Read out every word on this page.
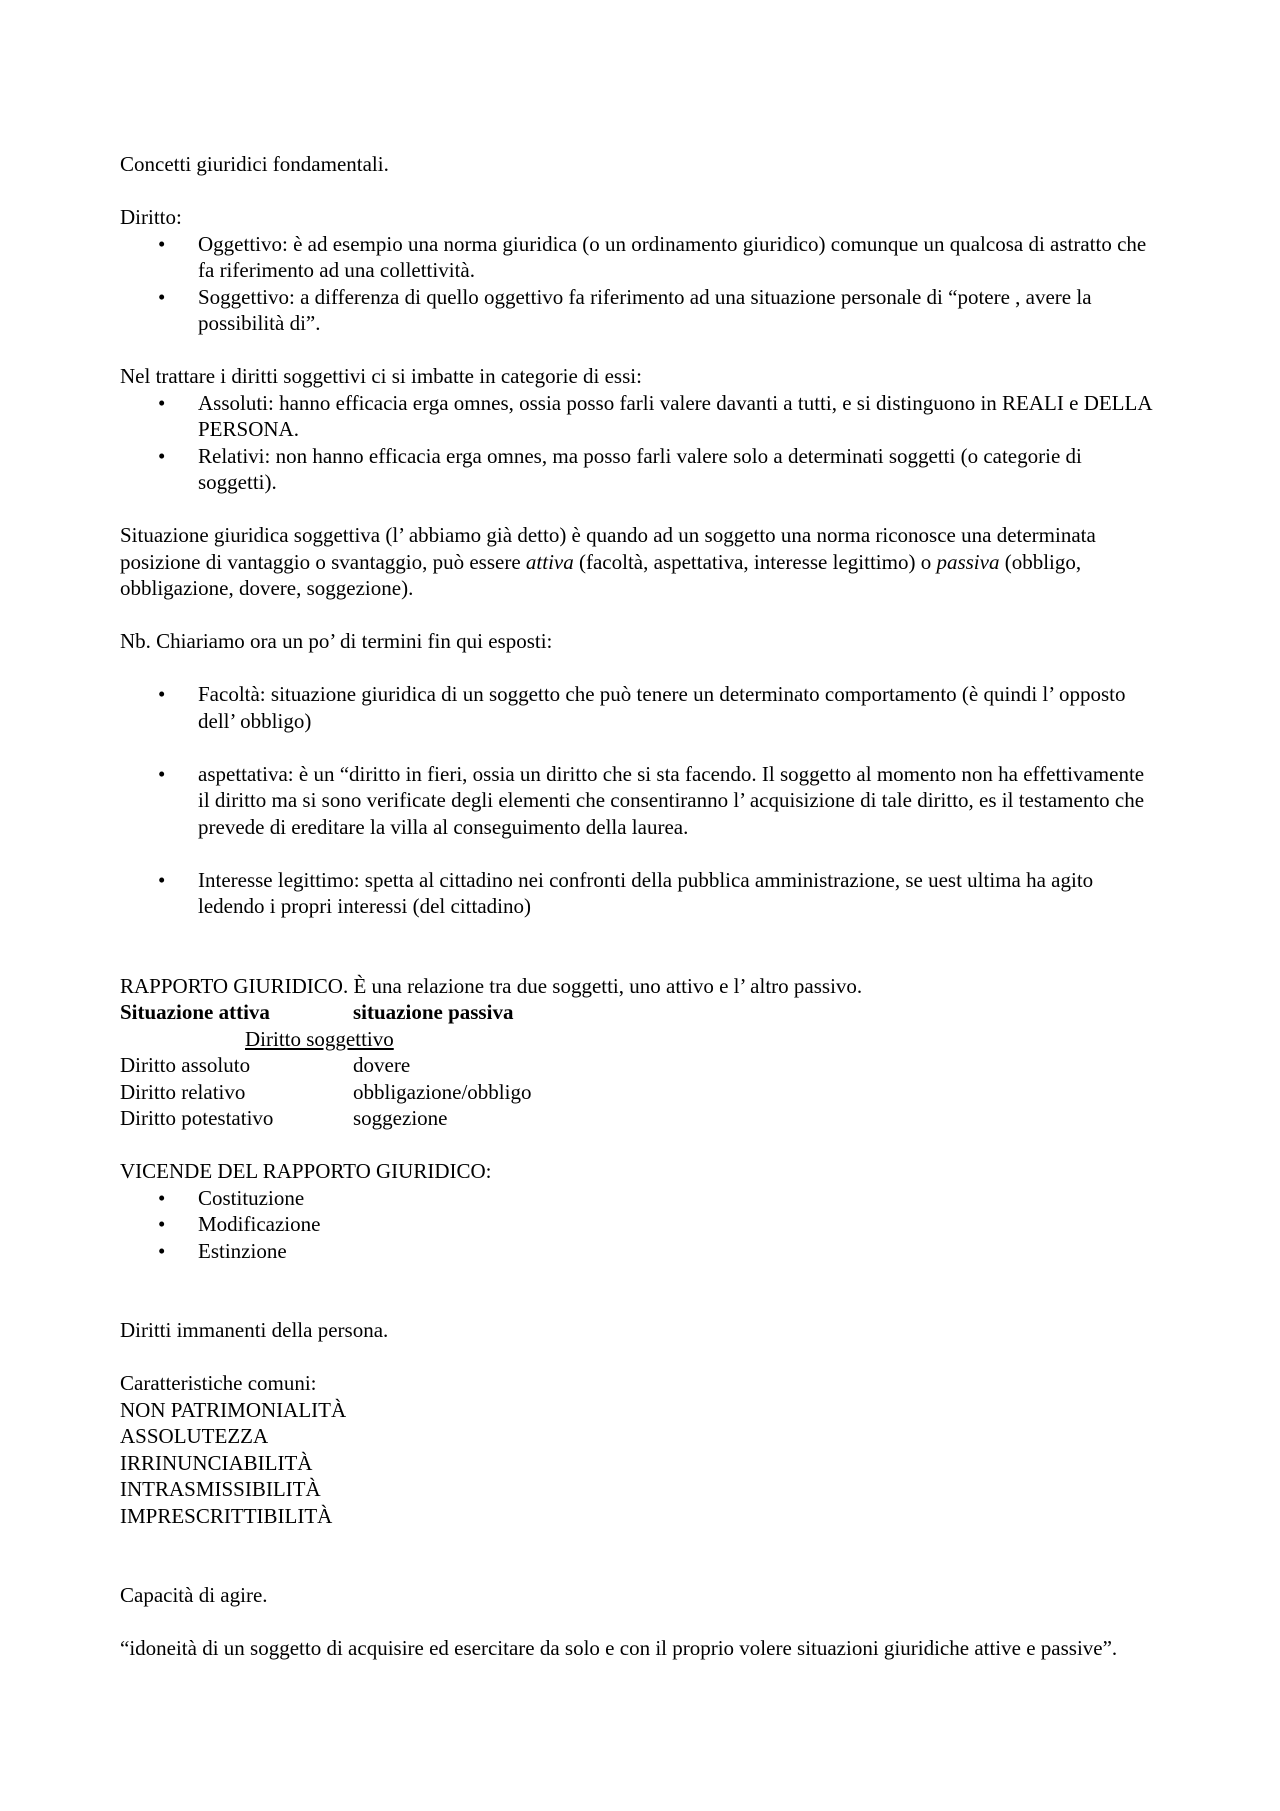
Concetti giuridici fondamentali.

Diritto:

• Oggettivo: è ad esempio una norma giuridica (o un ordinamento giuridico) comunque un qualcosa di astratto che fa riferimento ad una collettività.
• Soggettivo: a differenza di quello oggettivo fa riferimento ad una situazione personale di “potere , avere la possibilità di”.

Nel trattare i diritti soggettivi ci si imbatte in categorie di essi:

• Assoluti: hanno efficacia erga omnes, ossia posso farli valere davanti a tutti, e si distinguono in REALI e DELLA PERSONA.
• Relativi: non hanno efficacia erga omnes, ma posso farli valere solo a determinati soggetti (o categorie di soggetti).

Situazione giuridica soggettiva (l’ abbiamo già detto) è quando ad un soggetto una norma riconosce una determinata posizione di vantaggio o svantaggio, può essere attiva (facoltà, aspettativa, interesse legittimo) o passiva (obbligo, obbligazione, dovere, soggezione).

Nb. Chiariamo ora un po’ di termini fin qui esposti:

• Facoltà: situazione giuridica di un soggetto che può tenere un determinato comportamento (è quindi l’ opposto dell’ obbligo)
• aspettativa: è un “diritto in fieri, ossia un diritto che si sta facendo. Il soggetto al momento non ha effettivamente il diritto ma si sono verificate degli elementi che consentiranno l’ acquisizione di tale diritto, es il testamento che prevede di ereditare la villa al conseguimento della laurea.
• Interesse legittimo: spetta al cittadino nei confronti della pubblica amministrazione, se uest ultima ha agito ledendo i propri interessi (del cittadino)

RAPPORTO GIURIDICO. È una relazione tra due soggetti, uno attivo e l’ altro passivo.

Situazione attiva	situazione passiva
Diritto soggettivo
Diritto assoluto	dovere
Diritto relativo	obbligazione/obbligo
Diritto potestativo	soggezione

VICENDE DEL RAPPORTO GIURIDICO:

• Costituzione
• Modificazione
• Estinzione

Diritti immanenti della persona.

Caratteristiche comuni:

NON PATRIMONIALITÀ

ASSOLUTEZZA

IRRINUNCIABILITÀ

INTRASMISSIBILITÀ

IMPRESCRITTIBILITÀ

Capacità di agire.

“idoneità di un soggetto di acquisire ed esercitare da solo e con il proprio volere situazioni giuridiche attive e passive”.
